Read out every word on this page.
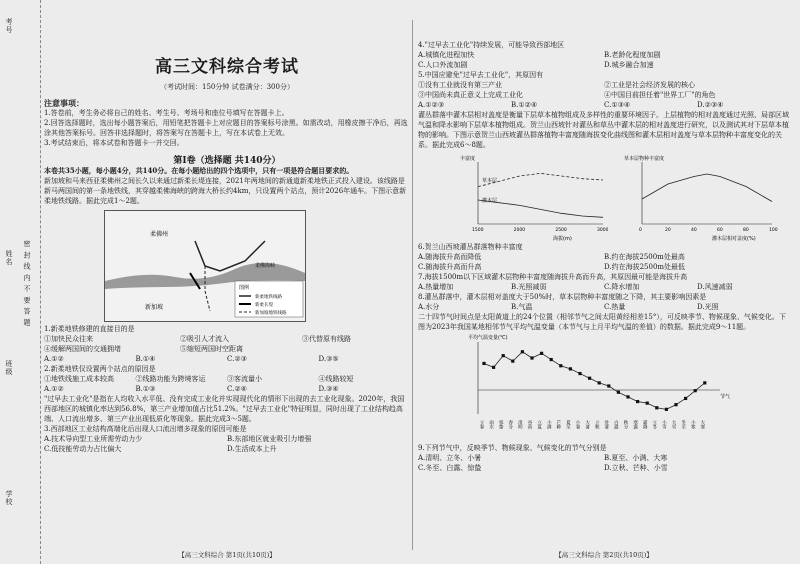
考号
姓名
班级
学校
密 封 线 内 不 要 答 题
高三文科综合考试
（考试时间：150分钟 试卷满分：300分）

注意事项：

1.答卷前，考生务必将自己的姓名、考生号、考场号和座位号填写在答题卡上。

2.回答选择题时，选出每小题答案后，用铅笔把答题卡上对应题目的答案标号涂黑。如需改动，用橡皮擦干净后，再选涂其他答案标号。回答非选择题时，将答案写在答题卡上，写在本试卷上无效。

3.考试结束后，将本试卷和答题卡一并交回。

第Ⅰ卷（选择题 共140分）

本卷共35小题，每小题4分，共140分。在每小题给出的四个选项中，只有一项是符合题目要求的。

新加坡和马来西亚柔佛州之间长久以来通过新柔长堤连接，2021年两地间的新通道新柔地铁正式投入建设。该线路是新马两国间的第一条地铁线，其穿越柔佛海峡的跨海大桥长约4km，只设置两个站点，预计2026年通车。下图示意新柔地铁线路。据此完成1～2题。

柔佛州
新加坡
柔佛海峡
图例
新柔地铁线路
新柔长堤
新加坡地铁线路

1.新柔地铁修建的直接目的是

①加快民众往来	②吸引人才流入	③代替原有线路
④缓解两国间的交通拥堵	⑤缩短两国时空距离
A.①②	B.①④	C.②③	D.③⑤

2.新柔地铁仅设置两个站点的原因是

①地铁线施工成本较高	②线路功能为跨境客运	③客流量小	④线路较短
A.①②	B.①③	C.②④	D.③④

"过早去工业化"是指在人均收入水平低、没有完成工业化并实现现代化的情形下出现的去工业化现象。2020年，我国西部地区的城镇化率达到56.8%，第三产业增加值占比51.2%。"过早去工业化"特征明显，同时出现了工业结构趋高端、人口流出增多、第三产业出现低质化等现象。据此完成3～5题。

3.西部地区工业结构高端化后出现人口流出增多现象的原因可能是

A.技术导向型工业所需劳动力少	B.东部地区就业吸引力增强
C.低技能劳动力占比偏大	D.生活成本上升
【高三文科综合 第1页(共10页)】

4."过早去工业化"持续发展，可能导致西部地区

A.城镇化进程加快	B.老龄化程度加剧
C.人口外流加剧	D.城乡融合加速

5.中国应避免"过早去工业化"，其原因有

①没有工业就没有第三产业	②工业是社会经济发展的核心
③中国尚未真正意义上完成工业化	④中国目前担任着"世界工厂"的角色
A.①②③	B.①②④	C.①③④	D.②③④

灌丛群落中灌木层相对盖度是衡量下层草本植物组成及多样性的重要环境因子。上层植物的相对盖度通过光照、局部区域气温和降水影响下层草本植物组成。贺兰山西坡针对灌丛和草丛中灌木层的相对盖度进行研究，以及测试其对下层草本植物的影响。下图示意贺兰山西坡灌丛群落植物丰富度随海拔变化曲线图和灌木层相对盖度与草本层物种丰富度变化的关系。据此完成6～8题。

丰富度
海拔(m)
草本层
灌木层
1500	2000	2500	3000
草本层物种丰富度
灌木层相对盖度(%)
0	20	40	60	80	100

6.贺兰山西坡灌丛群落物种丰富度

A.随海拔升高而降低	B.约在海拔2500m处最高
C.随海拔升高而升高	D.约在海拔2500m处最低

7.海拔1500m以下区域灌木层物种丰富度随海拔升高而升高，其原因最可能是海拔升高

A.热量增加	B.光照减弱	C.降水增加	D.风速减弱

8.灌丛群落中，灌木层相对盖度大于50%时，草本层物种丰富度随之下降，其主要影响因素是

A.水分	B.气温	C.热量	D.光照

二十四节气时间点是太阳黄道上的24个位置（相邻节气之间太阳黄经相差15°），可反映季节、物候现象、气候变化。下图为2023年我国某地相邻节气平均气温变量（本节气与上月平均气温的差值）的数据。据此完成9～11题。

平均气温变量(℃)
节气
立春 雨水 惊蛰 春分 清明 谷雨 立夏 小满 芒种 夏至 小暑 大暑 立秋 处暑 白露 秋分 寒露 霜降 立冬 小雪 大雪 冬至 小寒 大寒

9.下列节气中，反映季节、物候现象、气候变化的节气分别是

A.清明、立冬、小暑	B.夏至、小满、大寒
C.冬至、白露、惊蛰	D.立秋、芒种、小雪
【高三文科综合 第2页(共10页)】
